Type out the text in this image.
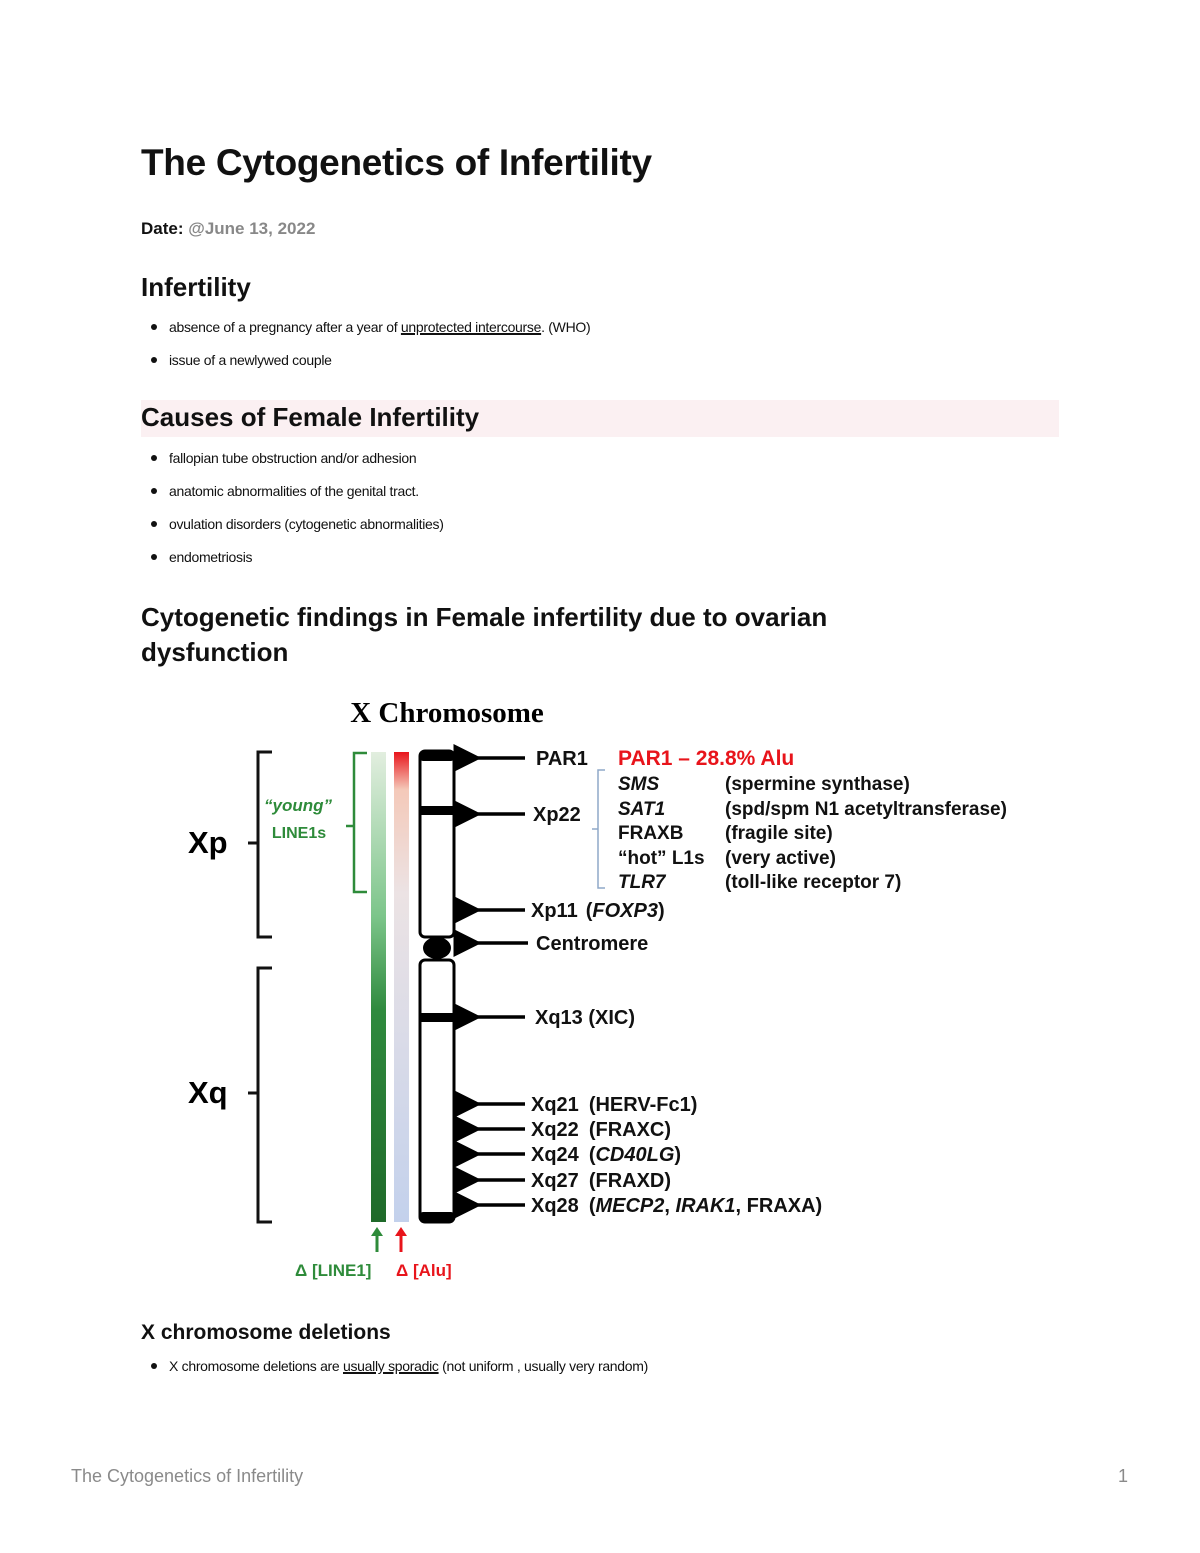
The Cytogenetics of Infertility
Date: @June 13, 2022
Infertility
absence of a pregnancy after a year of unprotected intercourse. (WHO)
issue of a newlywed couple
Causes of Female Infertility
fallopian tube obstruction and/or adhesion
anatomic abnormalities of the genital tract.
ovulation disorders (cytogenetic abnormalities)
endometriosis
Cytogenetic findings in Female infertility due to ovarian
dysfunction
X Chromosome
Xp
Xq
“young”
LINE1s
PAR1
Xp22
Xp11 (FOXP3)
Centromere
Xq13 (XIC)
Xq21 (HERV-Fc1)
Xq22 (FRAXC)
Xq24 (CD40LG)
Xq27 (FRAXD)
Xq28 (MECP2, IRAK1, FRAXA)
PAR1 – 28.8% Alu
SMS	(spermine synthase)
SAT1	(spd/spm N1 acetyltransferase)
FRAXB (fragile site)
“hot” L1s (very active)
TLR7	(toll-like receptor 7)
Δ [LINE1] Δ [Alu]
X chromosome deletions
X chromosome deletions are usually sporadic (not uniform , usually very random)
The Cytogenetics of Infertility	1
